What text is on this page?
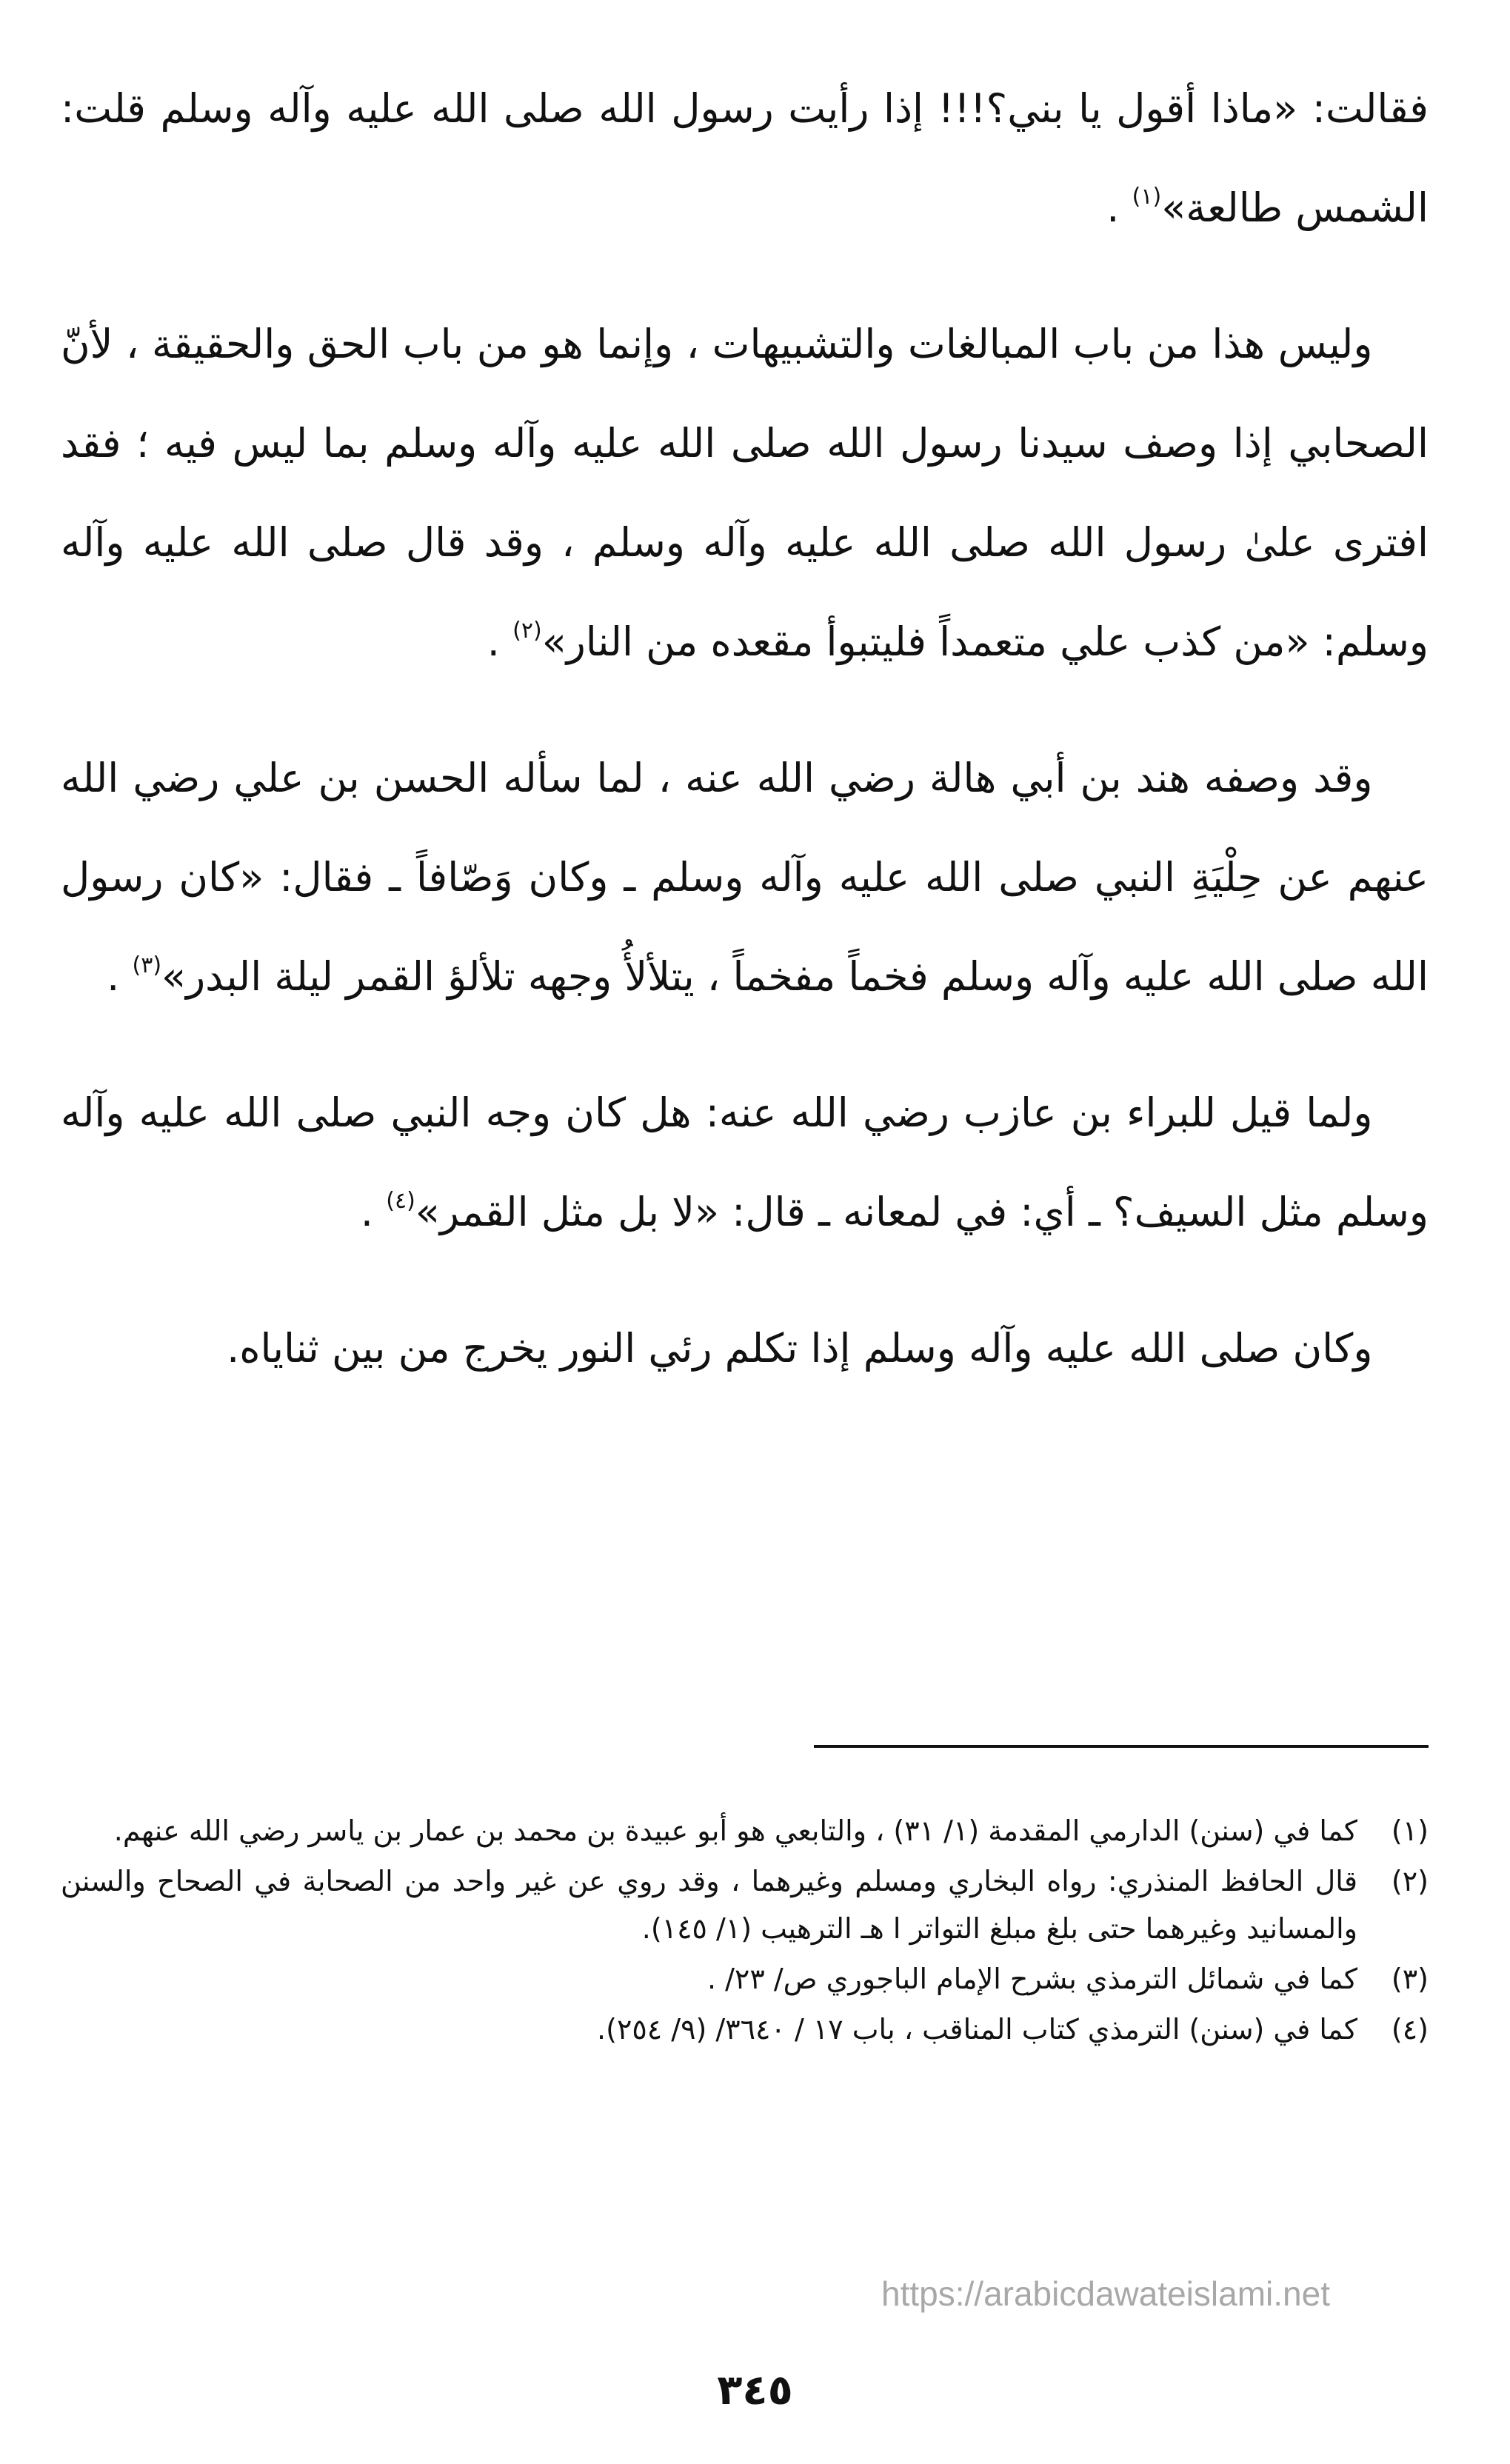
فقالت: «ماذا أقول يا بني؟!!! إذا رأيت رسول الله صلى الله عليه وآله وسلم قلت: الشمس طالعة»$^{(١)}$ .

وليس هذا من باب المبالغات والتشبيهات ، وإنما هو من باب الحق والحقيقة ، لأنّ الصحابي إذا وصف سيدنا رسول الله صلى الله عليه وآله وسلم بما ليس فيه ؛ فقد افترى علىٰ رسول الله صلى الله عليه وآله وسلم ، وقد قال صلى الله عليه وآله وسلم: «من كذب علي متعمداً فليتبوأ مقعده من النار»$^{(٢)}$ .

وقد وصفه هند بن أبي هالة رضي الله عنه ، لما سأله الحسن بن علي رضي الله عنهم عن حِلْيَةِ النبي صلى الله عليه وآله وسلم ـ وكان وَصّافاً ـ فقال: «كان رسول الله صلى الله عليه وآله وسلم فخماً مفخماً ، يتلألأُ وجهه تلألؤ القمر ليلة البدر»$^{(٣)}$ .

ولما قيل للبراء بن عازب رضي الله عنه: هل كان وجه النبي صلى الله عليه وآله وسلم مثل السيف؟ ـ أي: في لمعانه ـ قال: «لا بل مثل القمر»$^{(٤)}$ .

وكان صلى الله عليه وآله وسلم إذا تكلم رئي النور يخرج من بين ثناياه.

(١)
كما في (سنن) الدارمي المقدمة (١/ ٣١) ، والتابعي هو أبو عبيدة بن محمد بن عمار بن ياسر رضي الله عنهم.
(٢)
قال الحافظ المنذري: رواه البخاري ومسلم وغيرهما ، وقد روي عن غير واحد من الصحابة في الصحاح والسنن والمسانيد وغيرهما حتى بلغ مبلغ التواتر ا هـ الترهيب (١/ ١٤٥).
(٣)
كما في شمائل الترمذي بشرح الإمام الباجوري ص/ ٢٣/ .
(٤)
كما في (سنن) الترمذي كتاب المناقب ، باب ١٧ / ٣٦٤٠/ (٩/ ٢٥٤).
https://arabicdawateislami.net
٣٤٥
